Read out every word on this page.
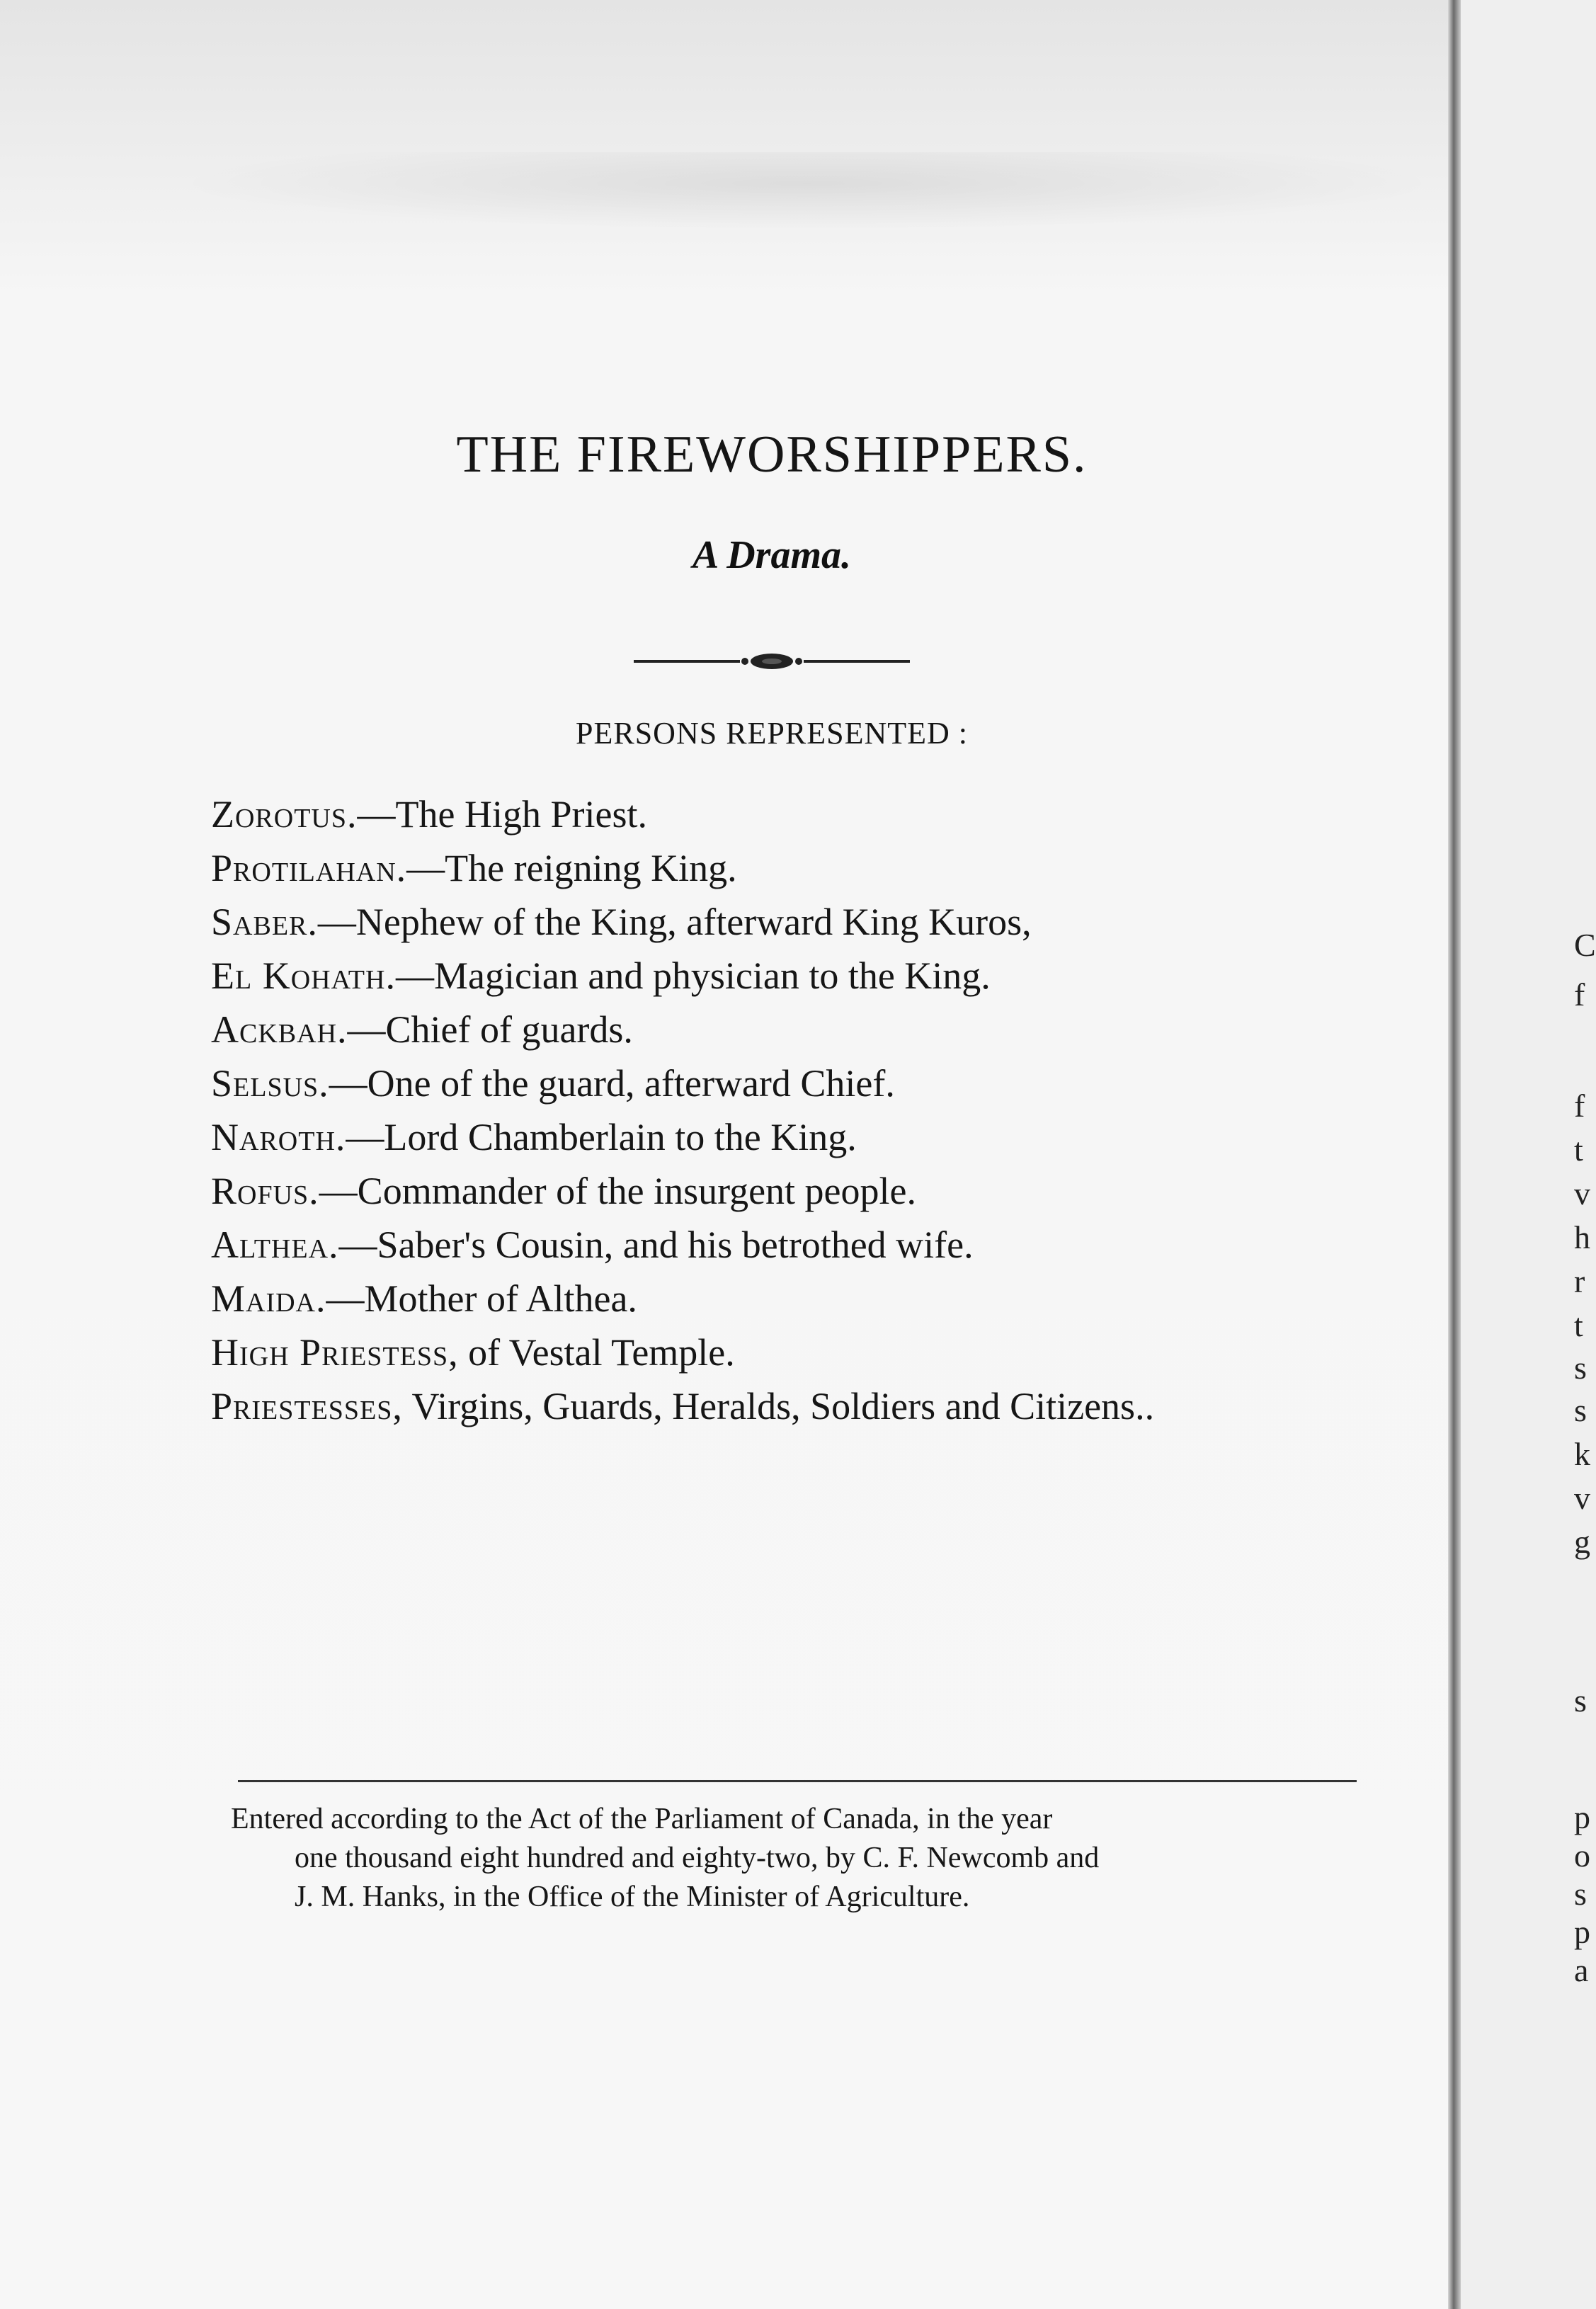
THE FIREWORSHIPPERS.
A Drama.
PERSONS REPRESENTED :
Zorotus.—The High Priest.
Protilahan.—The reigning King.
Saber.—Nephew of the King, afterward King Kuros,
El Kohath.—Magician and physician to the King.
Ackbah.—Chief of guards.
Selsus.—One of the guard, afterward Chief.
Naroth.—Lord Chamberlain to the King.
Rofus.—Commander of the insurgent people.
Althea.—Saber's Cousin, and his betrothed wife.
Maida.—Mother of Althea.
High Priestess, of Vestal Temple.
Priestesses, Virgins, Guards, Heralds, Soldiers and Citizens..
Entered according to the Act of the Parliament of Canada, in the year
one thousand eight hundred and eighty-two, by C. F. Newcomb and
J. M. Hanks, in the Office of the Minister of Agriculture.
C
f
f
t
v
h
r
t
s
s
k
v
g
s
p
o
s
p
a
